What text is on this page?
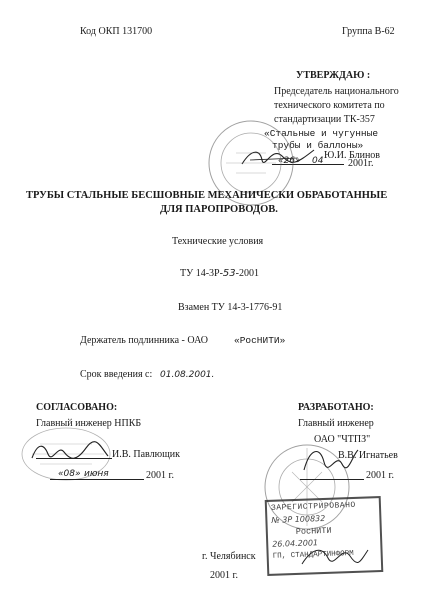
Код ОКП 131700	Группа В-62
УТВЕРЖДАЮ :
Председатель национального
технического комитета по
стандартизации ТК-357
«Стальные и чугунные
трубы и баллоны»
Ю.И. Блинов
«26» 04 2001г.
ТРУБЫ СТАЛЬНЫЕ БЕСШОВНЫЕ МЕХАНИЧЕСКИ ОБРАБОТАННЫЕ
ДЛЯ ПАРОПРОВОДОВ.
Технические условия
ТУ 14-3Р-53-2001
Взамен ТУ 14-3-1776-91
Держатель подлинника - ОАО	«РосНИТИ»
Срок введения с: 01.08.2001.
СОГЛАСОВАНО:
Главный инженер НПКБ
И.В. Павлющик
«08» июня	2001 г.
РАЗРАБОТАНО:
Главный инженер
ОАО "ЧТПЗ"
В.В. Игнатьев
2001 г.
ЗАРЕГИСТРИРОВАНО
№ 3Р 100832
РосНИТИ
26.04.2001
ГП, СТАНДАРТИНФОРМ
г. Челябинск
2001 г.
